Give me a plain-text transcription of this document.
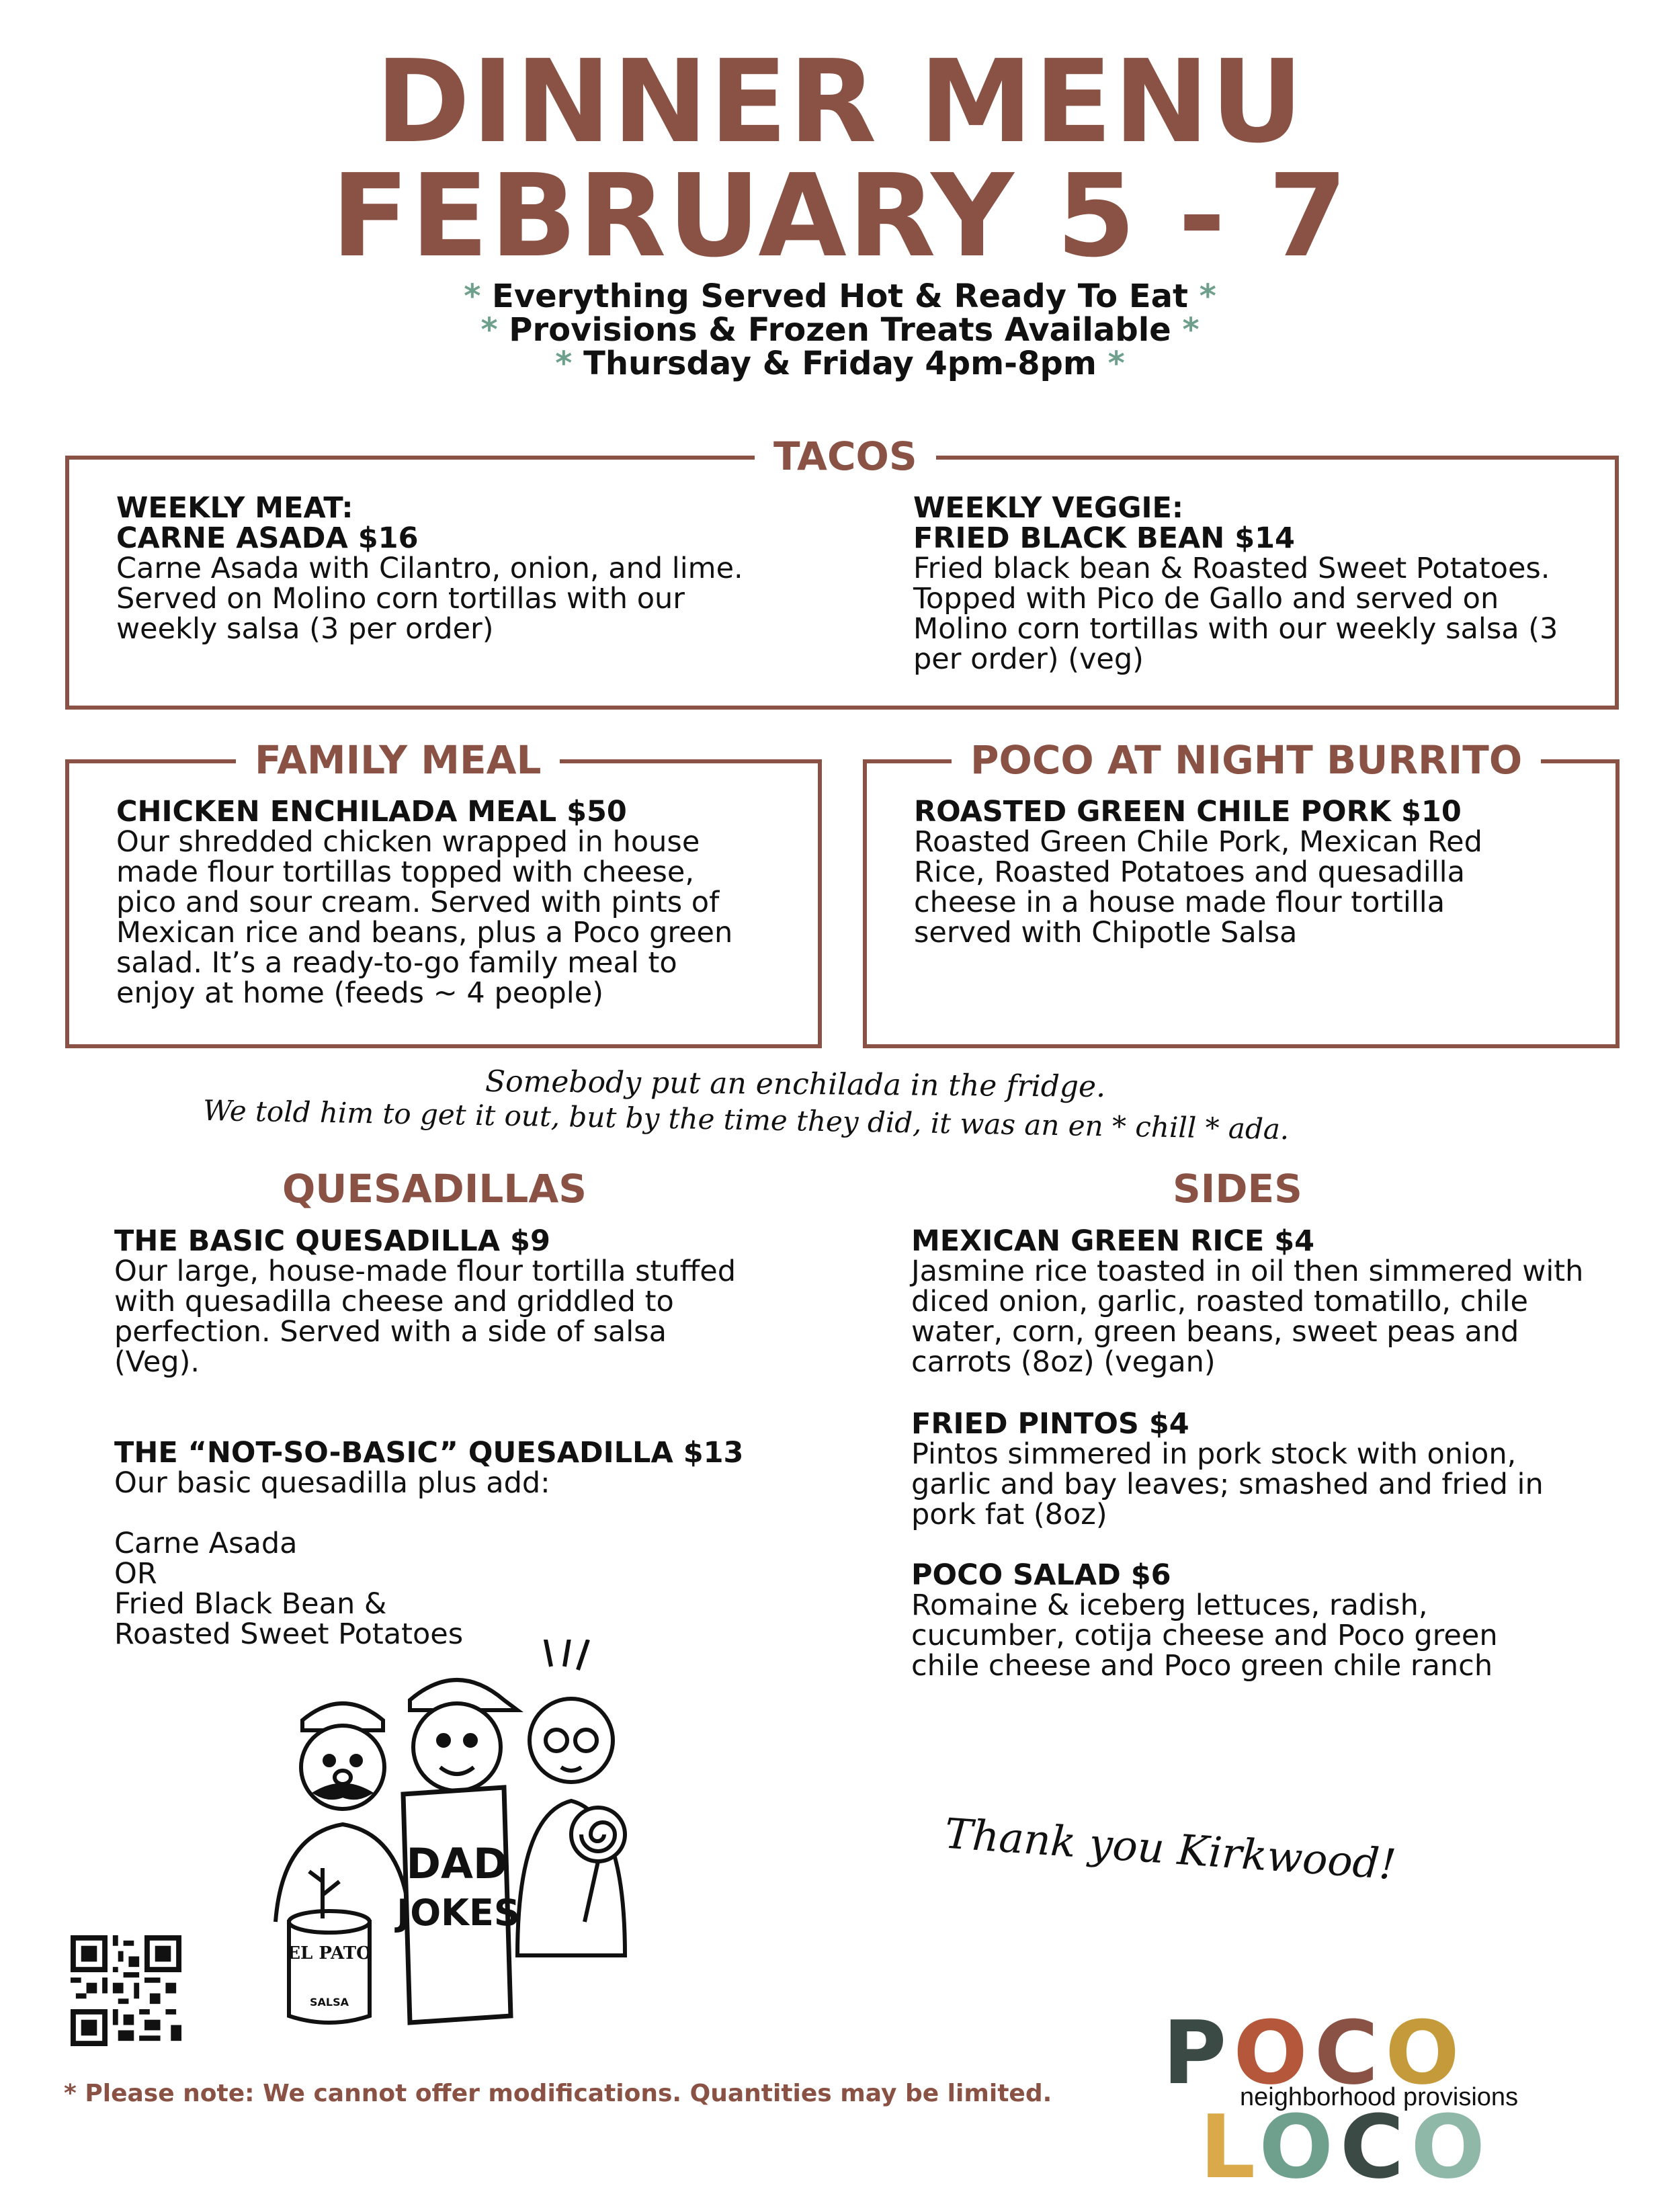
DINNER MENU
FEBRUARY 5 - 7
* Everything Served Hot & Ready To Eat *
* Provisions & Frozen Treats Available *
* Thursday & Friday 4pm-8pm *
TACOS
WEEKLY MEAT:
CARNE ASADA $16
Carne Asada with Cilantro, onion, and lime.
Served on Molino corn tortillas with our
weekly salsa (3 per order)
WEEKLY VEGGIE:
FRIED BLACK BEAN $14
Fried black bean & Roasted Sweet Potatoes.
Topped with Pico de Gallo and served on
Molino corn tortillas with our weekly salsa (3
per order) (veg)
FAMILY MEAL
CHICKEN ENCHILADA MEAL $50
Our shredded chicken wrapped in house
made flour tortillas topped with cheese,
pico and sour cream. Served with pints of
Mexican rice and beans, plus a Poco green
salad. It’s a ready-to-go family meal to
enjoy at home (feeds ~ 4 people)
POCO AT NIGHT BURRITO
ROASTED GREEN CHILE PORK $10
Roasted Green Chile Pork, Mexican Red
Rice, Roasted Potatoes and quesadilla
cheese in a house made flour tortilla
served with Chipotle Salsa
Somebody put an enchilada in the fridge.
We told him to get it out, but by the time they did, it was an en * chill * ada.
QUESADILLAS
THE BASIC QUESADILLA $9
Our large, house-made flour tortilla stuffed
with quesadilla cheese and griddled to
perfection. Served with a side of salsa
(Veg).
THE “NOT-SO-BASIC” QUESADILLA $13
Our basic quesadilla plus add:
Carne Asada
OR
Fried Black Bean &
Roasted Sweet Potatoes
SIDES
MEXICAN GREEN RICE $4
Jasmine rice toasted in oil then simmered with
diced onion, garlic, roasted tomatillo, chile
water, corn, green beans, sweet peas and
carrots (8oz) (vegan)
FRIED PINTOS $4
Pintos simmered in pork stock with onion,
garlic and bay leaves; smashed and fried in
pork fat (8oz)
POCO SALAD $6
Romaine & iceberg lettuces, radish,
cucumber, cotija cheese and Poco green
chile cheese and Poco green chile ranch
DAD
JOKES
EL PATO
SALSA
Thank you Kirkwood!
* Please note: We cannot offer modifications. Quantities may be limited. POCO LOCO
neighborhood provisions
